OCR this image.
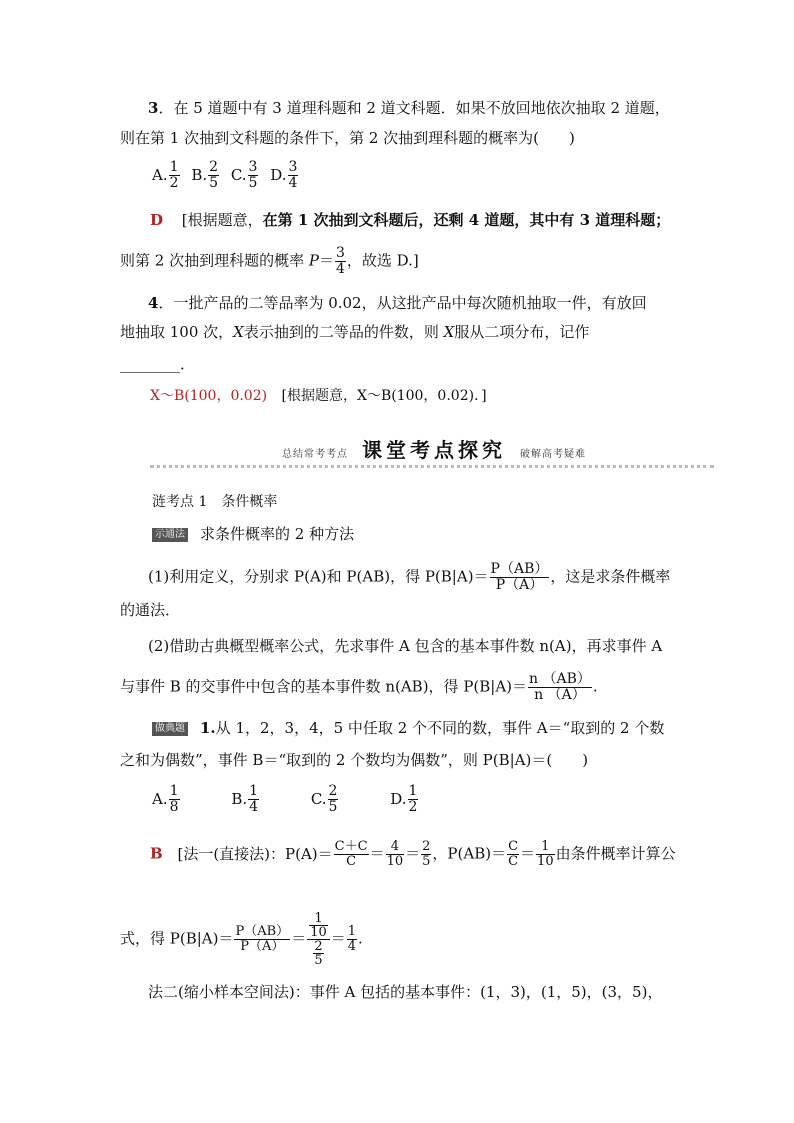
3．在 5 道题中有 3 道理科题和 2 道文科题．如果不放回地依次抽取 2 道题，
则在第 1 次抽到文科题的条件下，第 2 次抽到理科题的概率为(　　)
A. $\frac{1}{2} B$. $\frac{2}{5} C$. $\frac{3}{5} D$. $\frac{3}{4}$
D [根据题意，在第 1 次抽到文科题后，还剩 4 道题，其中有 3 道理科题；
则第 2 次抽到理科题的概率 $P= \frac{3}{4}$ ，故选 D.]
4．一批产品的二等品率为 0.02，从这批产品中每次随机抽取一件，有放回
地抽取 100 次，X表示抽到的二等品的件数，则 X服从二项分布，记作
________．
X～B(100，0.02) [根据题意，X～B(100，0.02)．]
总结常考考点 课堂考点探究 破解高考疑难
涟考点 1　条件概率
示通法 求条件概率的 2 种方法
(1)利用定义，分别求 P(A)和 P(AB)，得 $P(B|A)= \frac{P(AB)}{P(A)}$ ，这是求条件概率
的通法．
(2)借助古典概型概率公式，先求事件 A 包含的基本事件数 n(A)，再求事件 A
与事件 B 的交事件中包含的基本事件数 n(AB)，得 $P(B|A)= \frac{n (AB)}{n (A)}$ .
做典题 1.从 1，2，3，4，5 中任取 2 个不同的数，事件 A＝“取到的 2 个数
之和为偶数”，事件 B＝“取到的 2 个数均为偶数”，则 P(B|A)＝(　　)
A. $\frac{1}{8}$	B. $\frac{1}{4}$	C. $\frac{2}{5}$	D. $\frac{1}{2}$
B [法一(直接法)：$P(A)= \frac{C+C}{C} = \frac{4}{10} = \frac{2}{5}$ ，$P(AB)= \frac{C}{C} = \frac{1}{10}$ 由条件概率计算公
式，得 $P(B|A)= \frac{P(AB)}{P(A)} = \frac{\frac{1}{10}}{\frac{2}{5}} = \frac{1}{4}$ .
法二(缩小样本空间法)：事件 A 包括的基本事件：(1，3)，(1，5)，(3，5)，
